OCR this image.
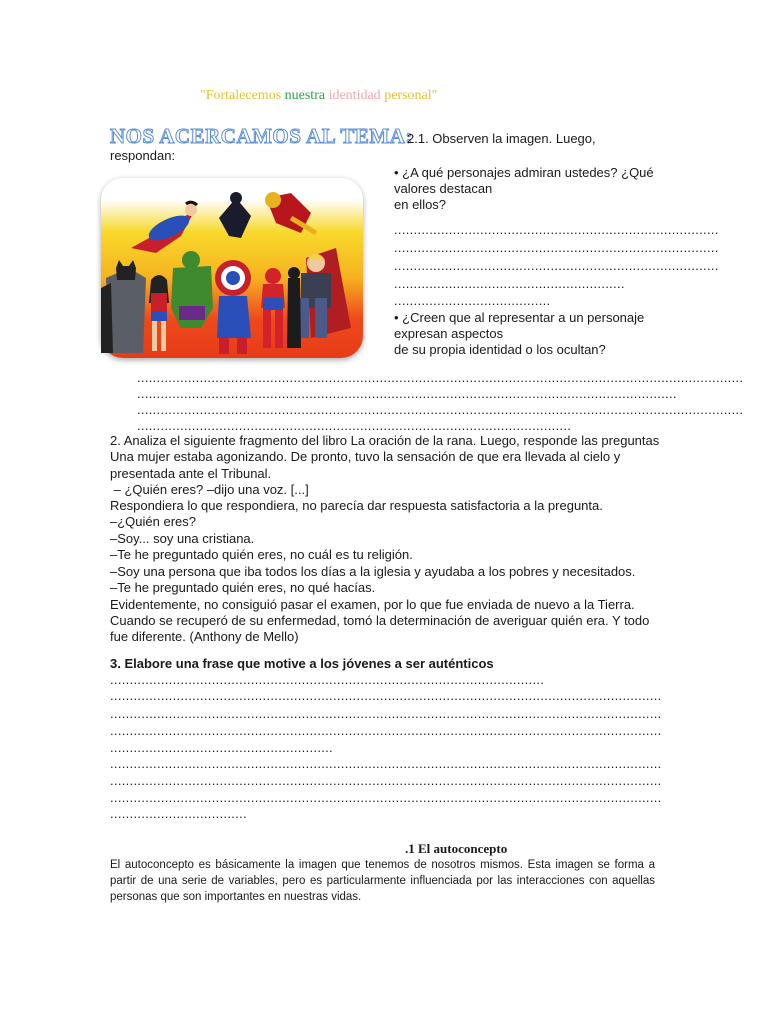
"Fortalecemos nuestra identidad personal"
NOS ACERCAMOS AL TEMA:
2.1. Observen la imagen. Luego,
respondan:
• ¿A qué personajes admiran ustedes? ¿Qué
valores destacan
en ellos?
...................................................................................
...................................................................................
...................................................................................
...........................................................
........................................
• ¿Creen que al representar a un personaje
expresan aspectos
de su propia identidad o los ocultan?
...........................................................................................................................................................
..........................................................................................................................................
...........................................................................................................................................................
...............................................................................................................
2. Analiza el siguiente fragmento del libro La oración de la rana. Luego, responde las preguntas
Una mujer estaba agonizando. De pronto, tuvo la sensación de que era llevada al cielo y
presentada ante el Tribunal.
– ¿Quién eres? –dijo una voz. [...]
Respondiera lo que respondiera, no parecía dar respuesta satisfactoria a la pregunta.
–¿Quién eres?
–Soy... soy una cristiana.
–Te he preguntado quién eres, no cuál es tu religión.
–Soy una persona que iba todos los días a la iglesia y ayudaba a los pobres y necesitados.
–Te he preguntado quién eres, no qué hacías.
Evidentemente, no consiguió pasar el examen, por lo que fue enviada de nuevo a la Tierra.
Cuando se recuperó de su enfermedad, tomó la determinación de averiguar quién era. Y todo
fue diferente. (Anthony de Mello)
3. Elabore una frase que motive a los jóvenes a ser auténticos
...............................................................................................................
.............................................................................................................................................
.............................................................................................................................................
.............................................................................................................................................
.........................................................
.............................................................................................................................................
.............................................................................................................................................
.............................................................................................................................................
...................................
.1 El autoconcepto
El autoconcepto es básicamente la imagen que tenemos de nosotros mismos. Esta imagen se forma a partir de una serie de variables, pero es particularmente influenciada por las interacciones con aquellas personas que son importantes en nuestras vidas.
